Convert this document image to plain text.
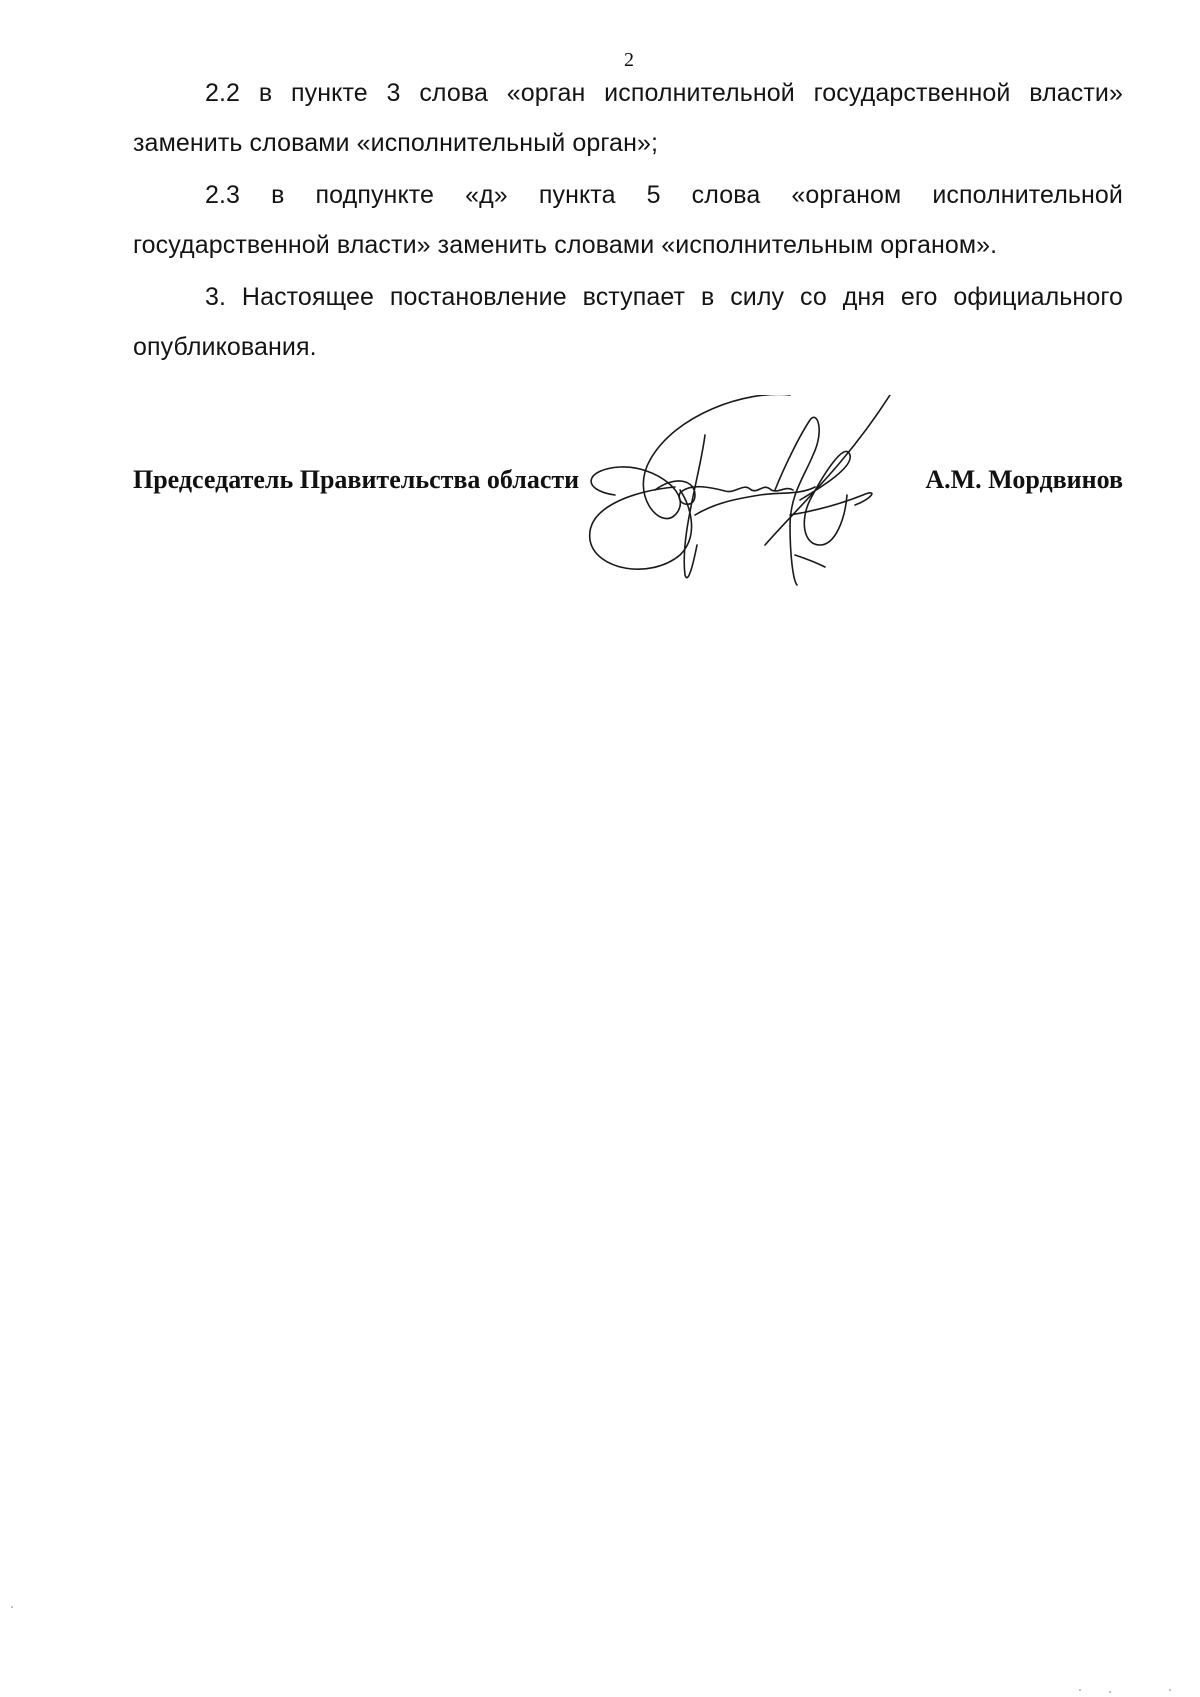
2

2.2 в пункте 3 слова «орган исполнительной государственной власти» заменить словами «исполнительный орган»;

2.3 в подпункте «д» пункта 5 слова «органом исполнительной государственной власти» заменить словами «исполнительным органом».

3. Настоящее постановление вступает в силу со дня его официального опубликования.

Председатель Правительства области	А.М. Мордвинов
